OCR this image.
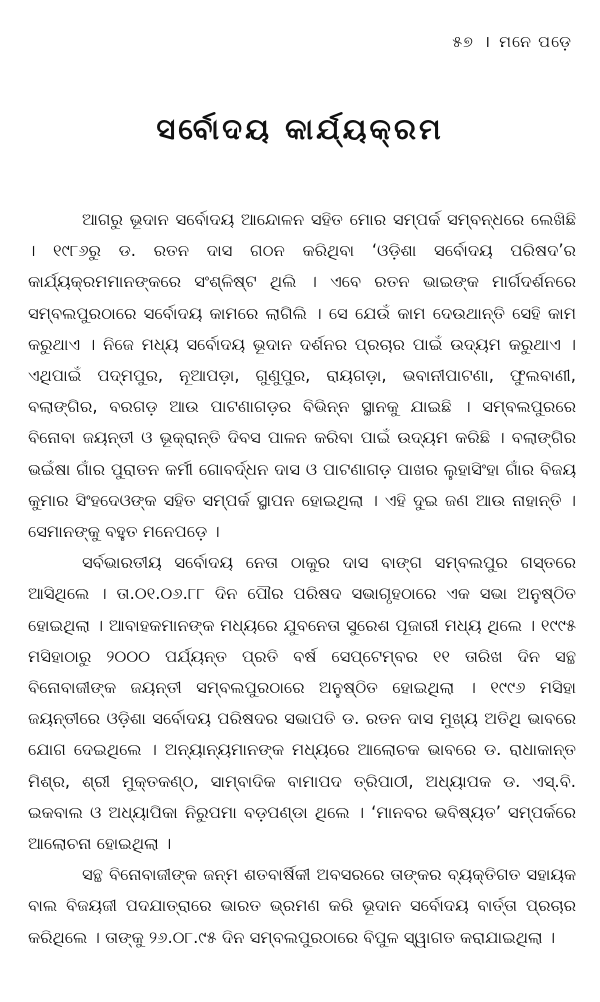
୫୭ । ମନେ ପଡ଼େ
ସର୍ବୋଦୟ କାର୍ଯ୍ୟକ୍ରମ

ଆଗରୁ ଭୂଦାନ ସର୍ବୋଦୟ ଆନ୍ଦୋଳନ ସହିତ ମୋର ସମ୍ପର୍କ ସମ୍ବନ୍ଧରେ ଲେଖିଛି । ୧୯୮୬ରୁ ଡ. ରତନ ଦାସ ଗଠନ କରିଥିବା ‘ଓଡ଼ିଶା ସର୍ବୋଦୟ ପରିଷଦ’ର କାର୍ଯ୍ୟକ୍ରମମାନଙ୍କରେ ସଂଶ୍ଳିଷ୍ଟ ଥିଲି । ଏବେ ରତନ ଭାଇଙ୍କ ମାର୍ଗଦର୍ଶନରେ ସମ୍ବଲପୁରଠାରେ ସର୍ବୋଦୟ କାମରେ ଲାଗିଲି । ସେ ଯେଉଁ କାମ ଦେଉଥାନ୍ତି ସେହି କାମ କରୁଥାଏ । ନିଜେ ମଧ୍ୟ ସର୍ବୋଦୟ ଭୂଦାନ ଦର୍ଶନର ପ୍ରଚାର ପାଇଁ ଉଦ୍ୟମ କରୁଥାଏ । ଏଥିପାଇଁ ପଦ୍ମପୁର, ନୂଆପଡ଼ା, ଗୁଣୁପୁର, ରାୟଗଡ଼ା, ଭବାନୀପାଟଣା, ଫୁଲବାଣୀ, ବଲାଙ୍ଗିର, ବରଗଡ଼ ଆଉ ପାଟଣାଗଡ଼ର ବିଭିନ୍ନ ସ୍ଥାନକୁ ଯାଇଛି । ସମ୍ବଲପୁରରେ ବିନୋବା ଜୟନ୍ତୀ ଓ ଭୂକ୍ରାନ୍ତି ଦିବସ ପାଳନ କରିବା ପାଇଁ ଉଦ୍ୟମ କରିଛି । ବଲାଙ୍ଗିର ଭଇଁଷା ଗାଁର ପୁରାତନ କର୍ମୀ ଗୋବର୍ଦ୍ଧନ ଦାସ ଓ ପାଟଣାଗଡ଼ ପାଖର ଲୁହାସିଂହା ଗାଁର ବିଜୟ କୁମାର ସିଂହଦେଓଙ୍କ ସହିତ ସମ୍ପର୍କ ସ୍ଥାପନ ହୋଇଥିଲା । ଏହି ଦୁଇ ଜଣ ଆଉ ନାହାନ୍ତି । ସେମାନଙ୍କୁ ବହୁତ ମନେପଡ଼େ ।

ସର୍ବଭାରତୀୟ ସର୍ବୋଦୟ ନେତା ଠାକୁର ଦାସ ବାଙ୍ଗ ସମ୍ବଲପୁର ଗସ୍ତରେ ଆସିଥିଲେ । ତା.୦୧.୦୬.୮୮ ଦିନ ପୌର ପରିଷଦ ସଭାଗୃହଠାରେ ଏକ ସଭା ଅନୁଷ୍ଠିତ ହୋଇଥିଲା । ଆବାହକମାନଙ୍କ ମଧ୍ୟରେ ଯୁବନେତା ସୁରେଶ ପୂଜାରୀ ମଧ୍ୟ ଥିଲେ । ୧୯୯୫ ମସିହାଠାରୁ ୨୦୦୦ ପର୍ଯ୍ୟନ୍ତ ପ୍ରତି ବର୍ଷ ସେପ୍ଟେମ୍ବର ୧୧ ତାରିଖ ଦିନ ସନ୍ଥ ବିନୋବାଜୀଙ୍କ ଜୟନ୍ତୀ ସମ୍ବଲପୁରଠାରେ ଅନୁଷ୍ଠିତ ହୋଇଥିଲା । ୧୯୯୬ ମସିହା ଜୟନ୍ତୀରେ ଓଡ଼ିଶା ସର୍ବୋଦୟ ପରିଷଦର ସଭାପତି ଡ. ରତନ ଦାସ ମୁଖ୍ୟ ଅତିଥି ଭାବରେ ଯୋଗ ଦେଇଥିଲେ । ଅନ୍ୟାନ୍ୟମାନଙ୍କ ମଧ୍ୟରେ ଆଲୋଚକ ଭାବରେ ଡ. ରାଧାକାନ୍ତ ମିଶ୍ର, ଶ୍ରୀ ମୁକ୍ତକଣ୍ଠ, ସାମ୍ବାଦିକ ବାମାପଦ ତ୍ରିପାଠୀ, ଅଧ୍ୟାପକ ଡ. ଏସ୍.ବି. ଇକବାଲ ଓ ଅଧ୍ୟାପିକା ନିରୁପମା ବଡ଼ପଣ୍ଡା ଥିଲେ । ‘ମାନବର ଭବିଷ୍ୟତ’ ସମ୍ପର୍କରେ ଆଲୋଚନା ହୋଇଥିଲା ।

ସନ୍ଥ ବିନୋବାଜୀଙ୍କ ଜନ୍ମ ଶତବାର୍ଷିକୀ ଅବସରରେ ତାଙ୍କର ବ୍ୟକ୍ତିଗତ ସହାୟକ ବାଲ ବିଜୟଜୀ ପଦଯାତ୍ରାରେ ଭାରତ ଭ୍ରମଣ କରି ଭୂଦାନ ସର୍ବୋଦୟ ବାର୍ତ୍ତା ପ୍ରଚାର କରିଥିଲେ । ତାଙ୍କୁ ୨୬.୦୮.୯୫ ଦିନ ସମ୍ବଲପୁରଠାରେ ବିପୁଳ ସ୍ୱାଗତ କରାଯାଇଥିଲା ।
